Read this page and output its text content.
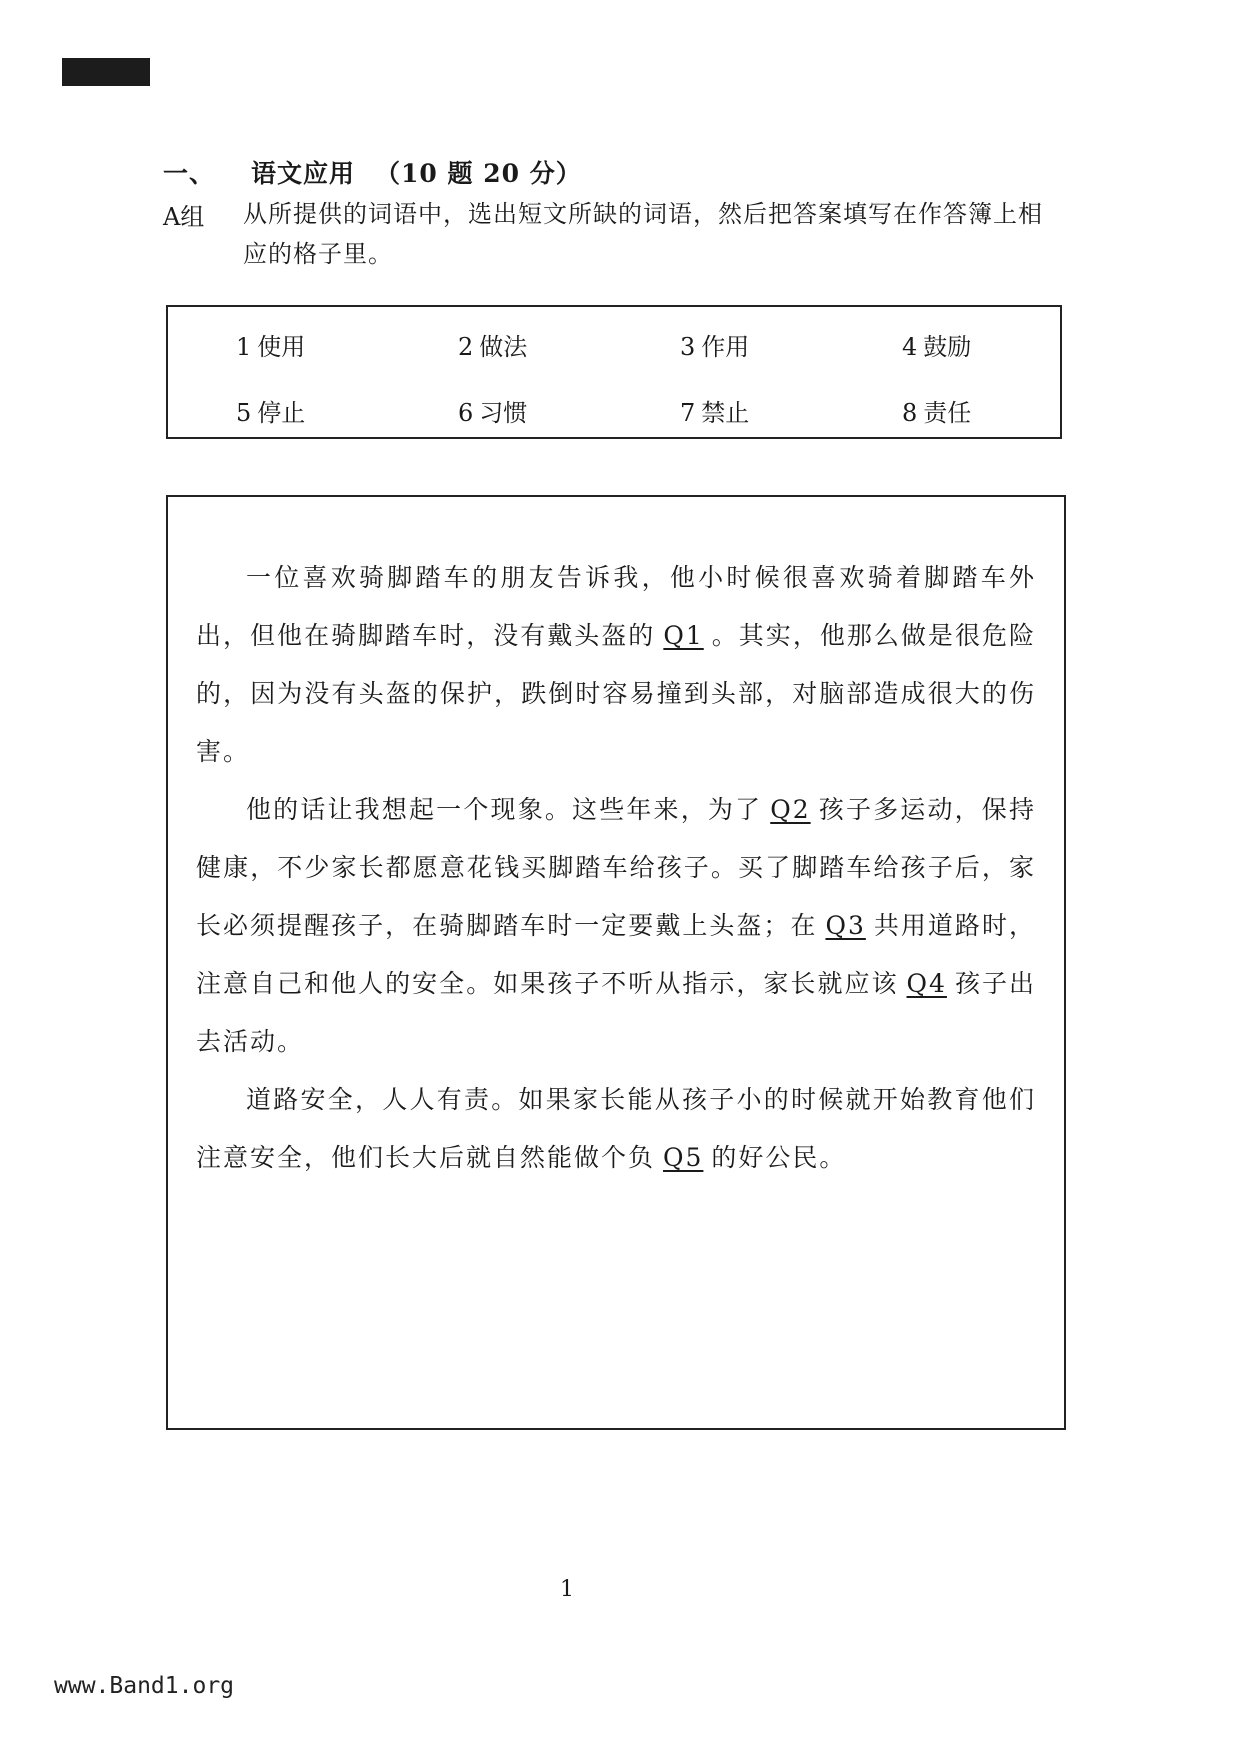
一、 语文应用 （10 题 20 分）
A组 从所提供的词语中，选出短文所缺的词语，然后把答案填写在作答簿上相应的格子里。
1 使用	2 做法	3 作用	4 鼓励
5 停止	6 习惯	7 禁止	8 责任

一位喜欢骑脚踏车的朋友告诉我，他小时候很喜欢骑着脚踏车外出，但他在骑脚踏车时，没有戴头盔的 Q1 。其实，他那么做是很危险的，因为没有头盔的保护，跌倒时容易撞到头部，对脑部造成很大的伤害。

他的话让我想起一个现象。这些年来，为了 Q2 孩子多运动，保持健康，不少家长都愿意花钱买脚踏车给孩子。买了脚踏车给孩子后，家长必须提醒孩子，在骑脚踏车时一定要戴上头盔；在 Q3 共用道路时，注意自己和他人的安全。如果孩子不听从指示，家长就应该 Q4 孩子出去活动。

道路安全，人人有责。如果家长能从孩子小的时候就开始教育他们注意安全，他们长大后就自然能做个负 Q5 的好公民。

1
www.Band1.org
